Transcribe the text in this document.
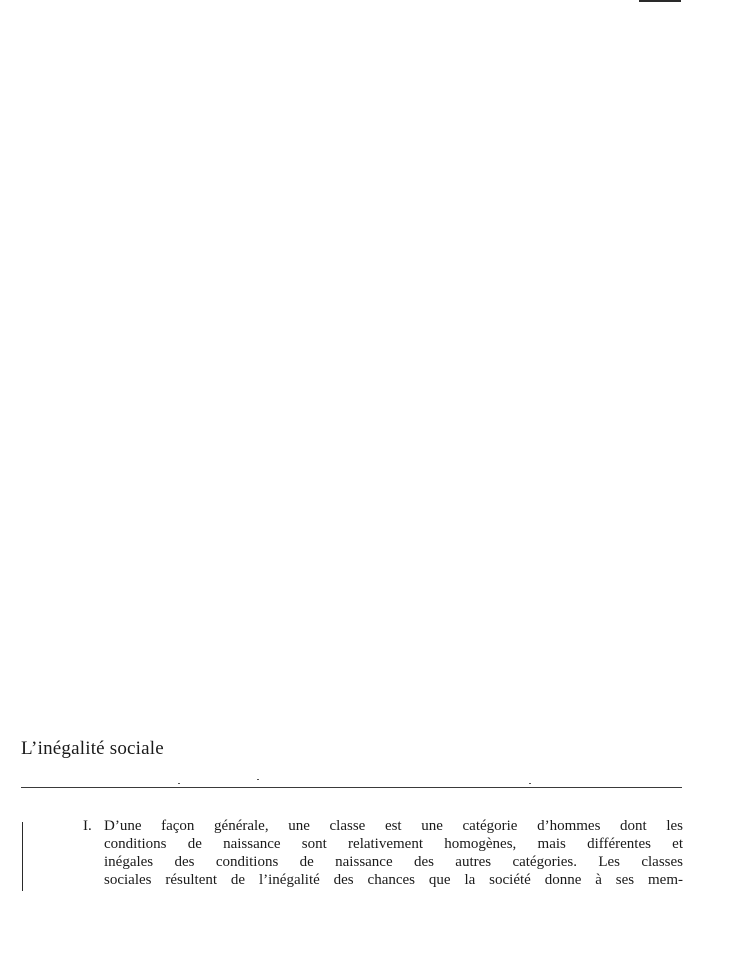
L’inégalité sociale
I. D’une façon générale, une classe est une catégorie d’hommes dont les
conditions de naissance sont relativement homogènes, mais différentes et
inégales des conditions de naissance des autres catégories. Les classes
sociales résultent de l’inégalité des chances que la société donne à ses mem-
